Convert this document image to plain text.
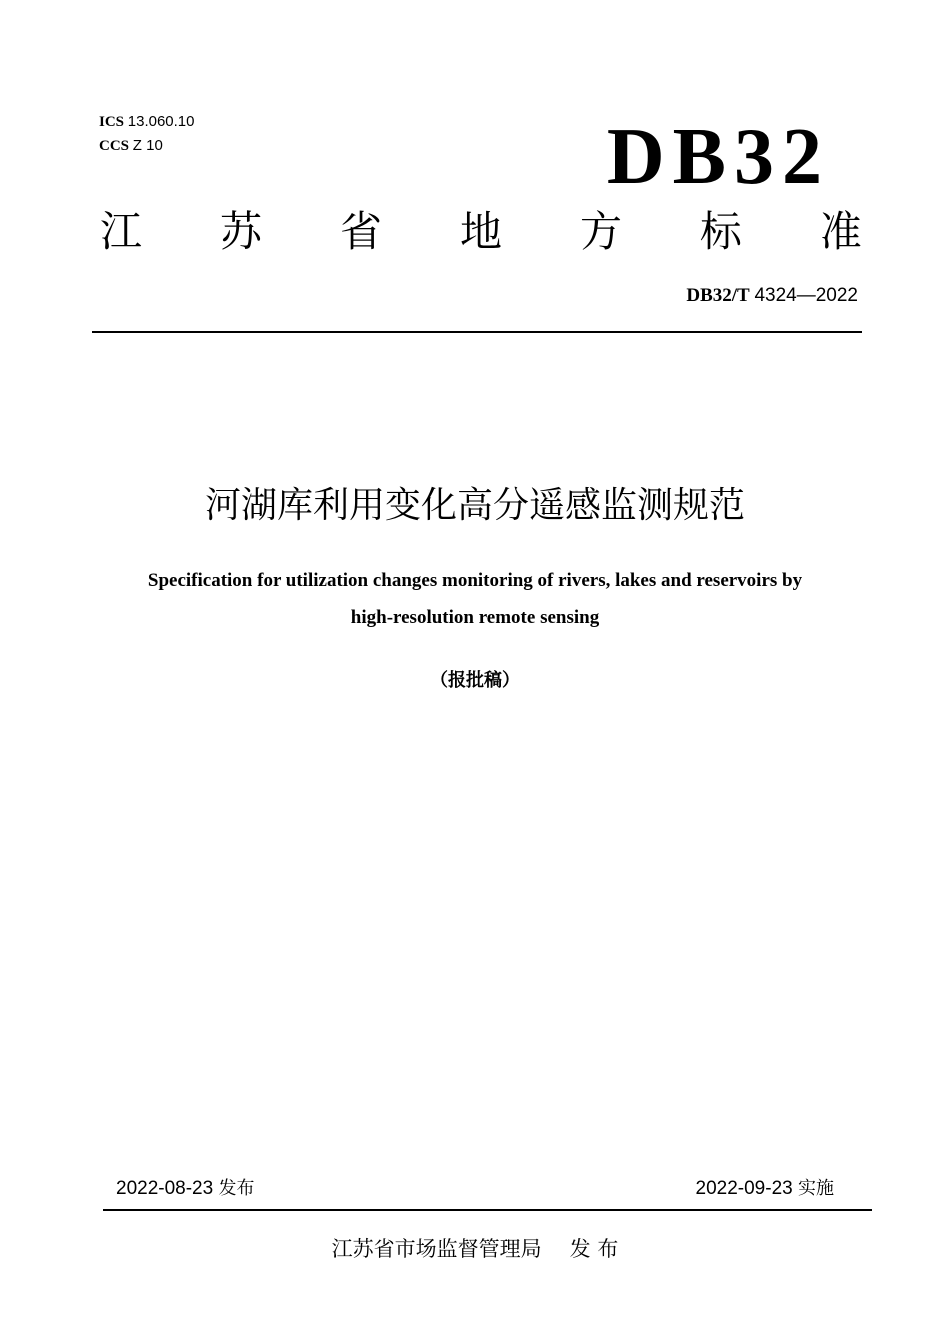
ICS 13.060.10
CCS Z 10	DB32
江 苏 省 地 方 标 准
DB32/T 4324—2022
河湖库利用变化高分遥感监测规范
Specification for utilization changes monitoring of rivers, lakes and reservoirs by
high-resolution remote sensing
（报批稿）
2022-08-23 发布	2022-09-23 实施
江苏省市场监督管理局 发 布
